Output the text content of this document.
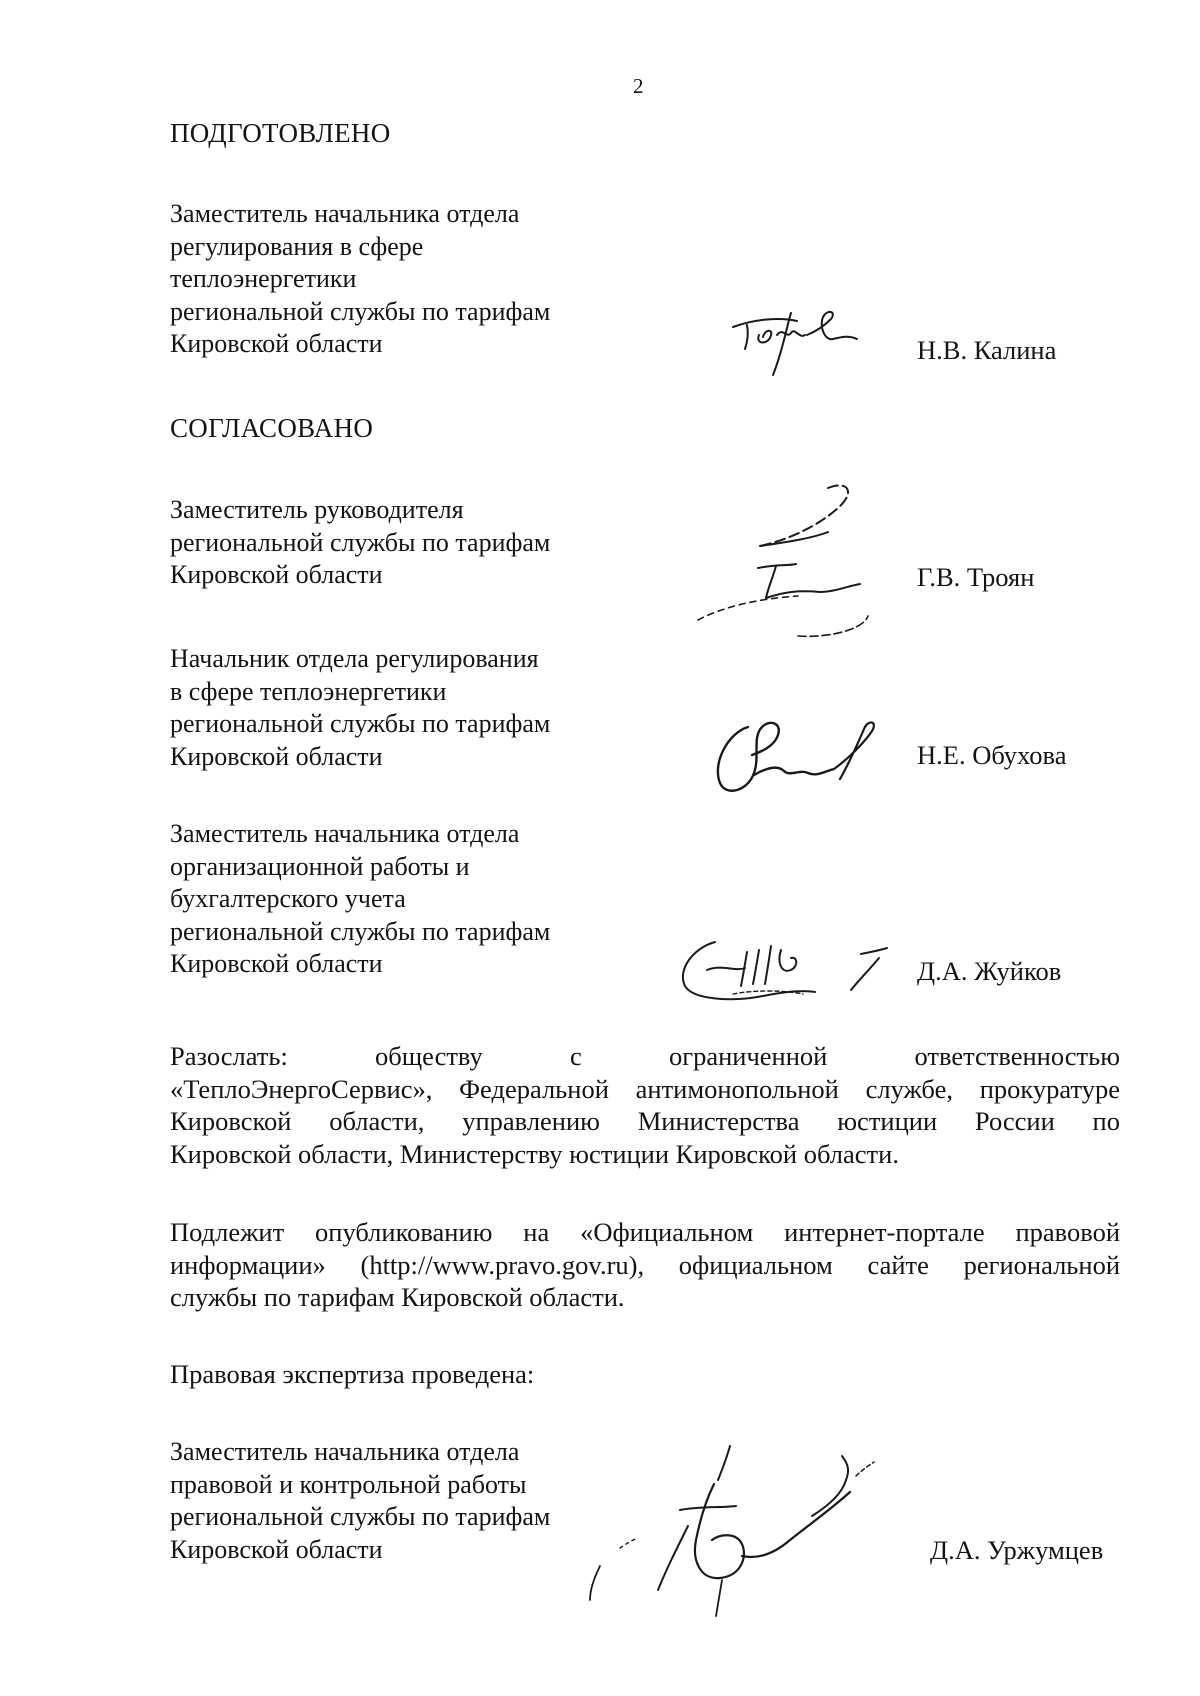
2
ПОДГОТОВЛЕНО
Заместитель начальника отдела
регулирования в сфере
теплоэнергетики
региональной службы по тарифам
Кировской области	Н.В. Калина
СОГЛАСОВАНО
Заместитель руководителя
региональной службы по тарифам
Кировской области	Г.В. Троян
Начальник отдела регулирования
в сфере теплоэнергетики
региональной службы по тарифам
Кировской области	Н.Е. Обухова
Заместитель начальника отдела
организационной работы и
бухгалтерского учета
региональной службы по тарифам
Кировской области	Д.А. Жуйков
Разослать: обществу с ограниченной ответственностью
«ТеплоЭнергоСервис», Федеральной антимонопольной службе, прокуратуре
Кировской области, управлению Министерства юстиции России по
Кировской области, Министерству юстиции Кировской области.
Подлежит опубликованию на «Официальном интернет-портале правовой
информации» (http://www.pravo.gov.ru), официальном сайте региональной
службы по тарифам Кировской области.
Правовая экспертиза проведена:
Заместитель начальника отдела
правовой и контрольной работы
региональной службы по тарифам
Кировской области	Д.А. Уржумцев
